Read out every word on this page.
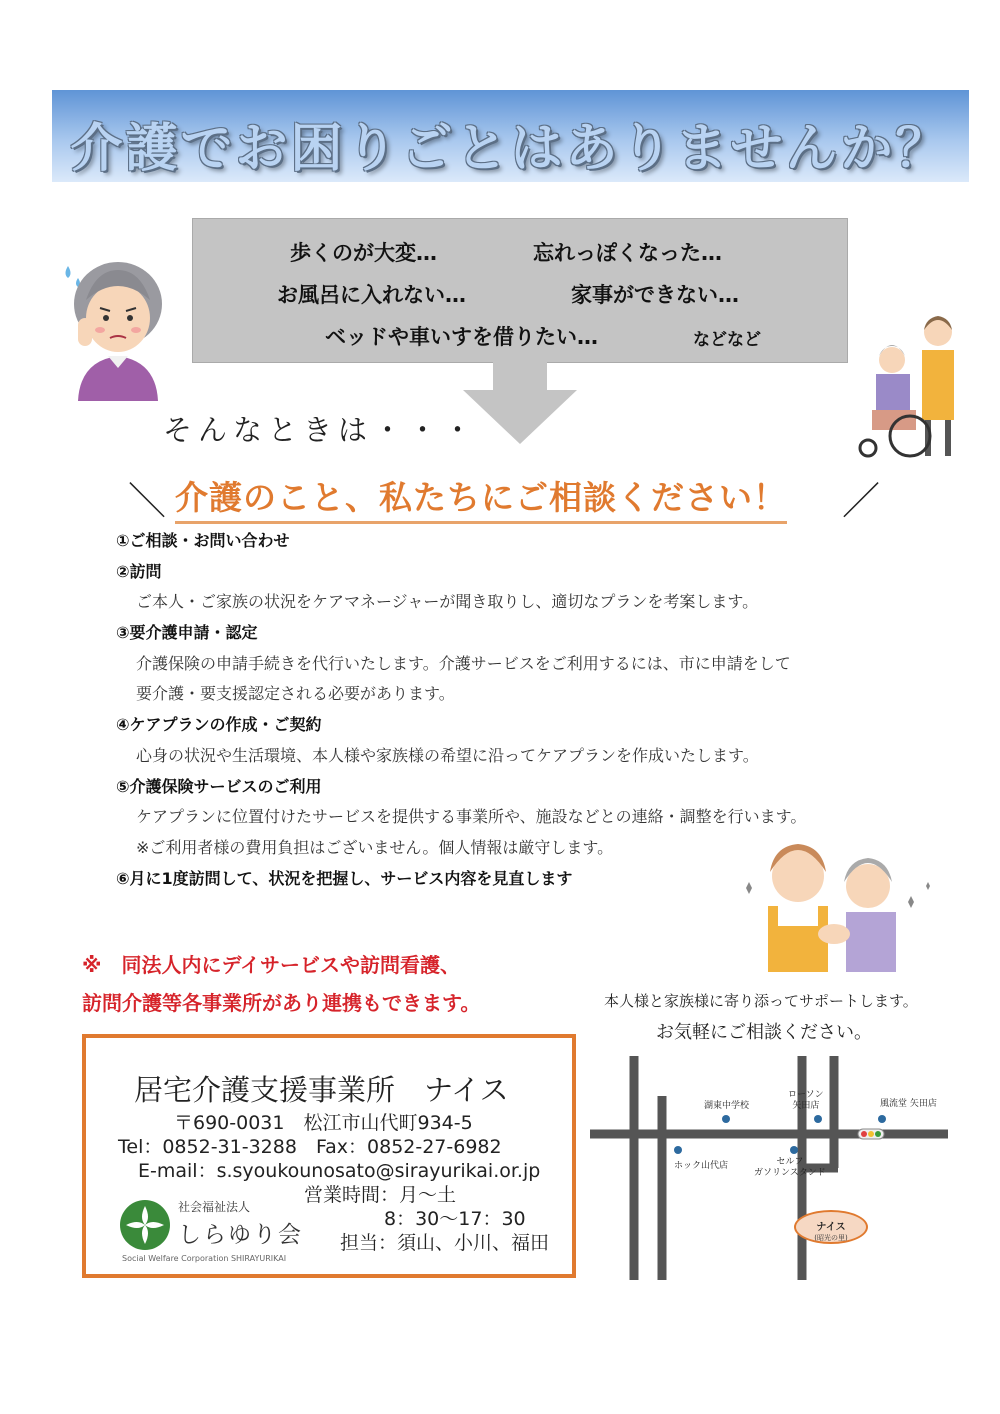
介護でお困りごとはありませんか？
歩くのが大変…	忘れっぽくなった…
お風呂に入れない…	家事ができない…
ベッドや車いすを借りたい…	などなど
そんなときは・・・
＼ 介護のこと、私たちにご相談ください！ ／
①ご相談・お問い合わせ
②訪問
ご本人・ご家族の状況をケアマネージャーが聞き取りし、適切なプランを考案します。
③要介護申請・認定
介護保険の申請手続きを代行いたします。介護サービスをご利用するには、市に申請をして
要介護・要支援認定される必要があります。
④ケアプランの作成・ご契約
心身の状況や生活環境、本人様や家族様の希望に沿ってケアプランを作成いたします。
⑤介護保険サービスのご利用
ケアプランに位置付けたサービスを提供する事業所や、施設などとの連絡・調整を行います。
※ご利用者様の費用負担はございません。個人情報は厳守します。
⑥月に1度訪問して、状況を把握し、サービス内容を見直します
※　同法人内にデイサービスや訪問看護、
訪問介護等各事業所があり連携もできます。
居宅介護支援事業所　ナイス
〒690-0031　松江市山代町934-5
Tel：0852-31-3288　Fax：0852-27-6982
E-mail：s.syoukounosato@sirayurikai.or.jp
営業時間：月～土
8：30～17：30
担当：須山、小川、福田
社会福祉法人
しらゆり会
Social Welfare Corporation SHIRAYURIKAI
本人様と家族様に寄り添ってサポートします。
お気軽にご相談ください。
湖東中学校
ローソン
矢田店	風流堂 矢田店
ホック山代店	セルフ
ガソリンスタンド
ナイス
(昭光の里)
